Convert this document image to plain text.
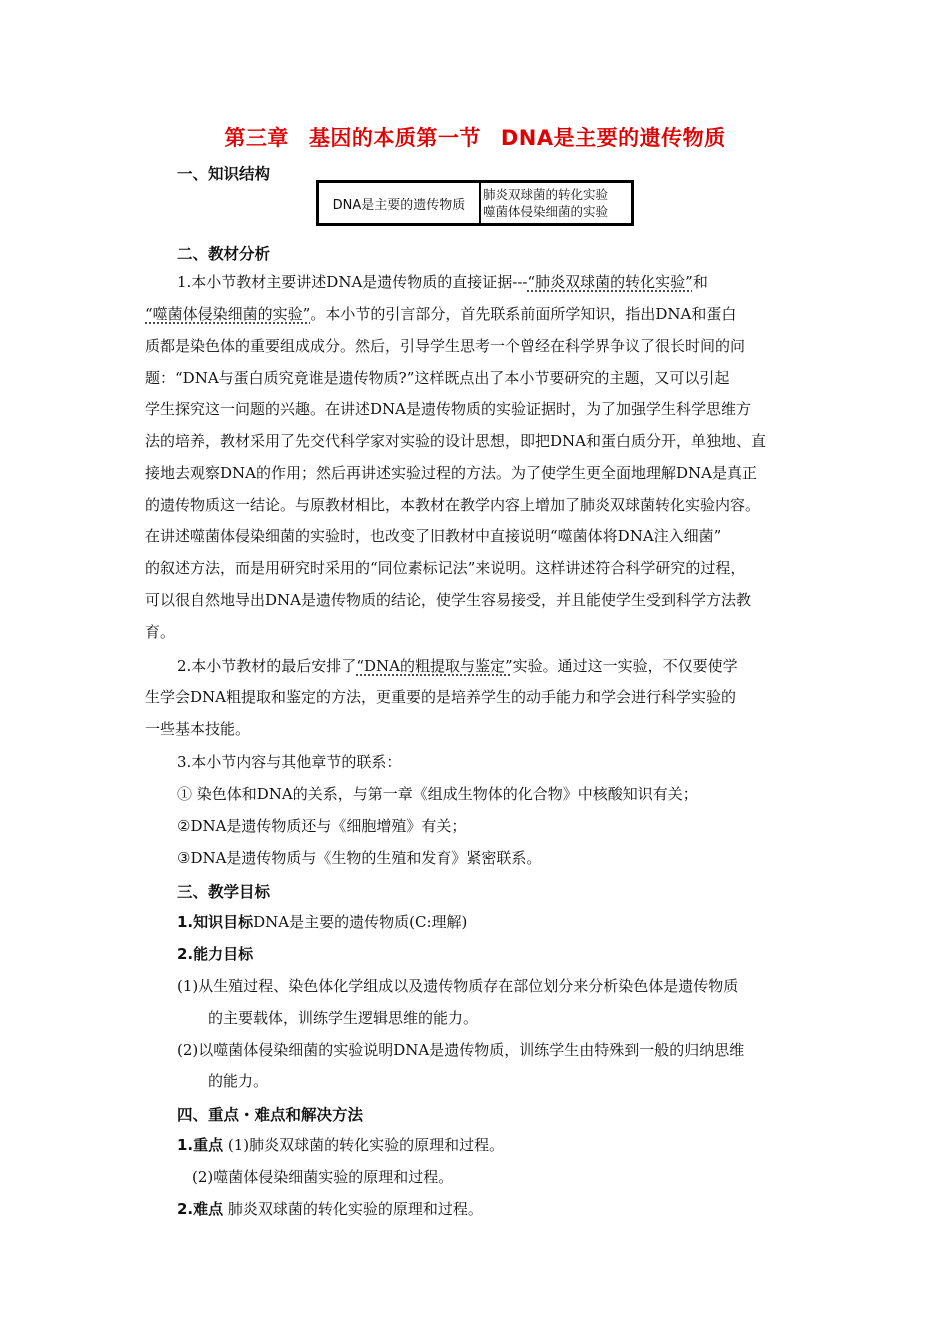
第三章 基因的本质第一节 DNA是主要的遗传物质
一、知识结构
DNA是主要的遗传物质
肺炎双球菌的转化实验
噬菌体侵染细菌的实验
二、教材分析
1.本小节教材主要讲述DNA是遗传物质的直接证据---“肺炎双球菌的转化实验”和
“噬菌体侵染细菌的实验”。本小节的引言部分，首先联系前面所学知识，指出DNA和蛋白
质都是染色体的重要组成成分。然后，引导学生思考一个曾经在科学界争议了很长时间的问
题：“DNA与蛋白质究竟谁是遗传物质?”这样既点出了本小节要研究的主题，又可以引起
学生探究这一问题的兴趣。在讲述DNA是遗传物质的实验证据时，为了加强学生科学思维方
法的培养，教材采用了先交代科学家对实验的设计思想，即把DNA和蛋白质分开，单独地、直
接地去观察DNA的作用；然后再讲述实验过程的方法。为了使学生更全面地理解DNA是真正
的遗传物质这一结论。与原教材相比，本教材在教学内容上增加了肺炎双球菌转化实验内容。
在讲述噬菌体侵染细菌的实验时，也改变了旧教材中直接说明“噬菌体将DNA注入细菌”
的叙述方法，而是用研究时采用的“同位素标记法”来说明。这样讲述符合科学研究的过程，
可以很自然地导出DNA是遗传物质的结论，使学生容易接受，并且能使学生受到科学方法教
育。
2.本小节教材的最后安排了“DNA的粗提取与鉴定”实验。通过这一实验，不仅要使学
生学会DNA粗提取和鉴定的方法，更重要的是培养学生的动手能力和学会进行科学实验的
一些基本技能。
3.本小节内容与其他章节的联系：
① 染色体和DNA的关系，与第一章《组成生物体的化合物》中核酸知识有关；
②DNA是遗传物质还与《细胞增殖》有关；
③DNA是遗传物质与《生物的生殖和发育》紧密联系。
三、教学目标
1.知识目标DNA是主要的遗传物质(C:理解)
2.能力目标
(1)从生殖过程、染色体化学组成以及遗传物质存在部位划分来分析染色体是遗传物质
的主要载体，训练学生逻辑思维的能力。
(2)以噬菌体侵染细菌的实验说明DNA是遗传物质，训练学生由特殊到一般的归纳思维
的能力。
四、重点・难点和解决方法
1.重点 (1)肺炎双球菌的转化实验的原理和过程。
(2)噬菌体侵染细菌实验的原理和过程。
2.难点 肺炎双球菌的转化实验的原理和过程。
